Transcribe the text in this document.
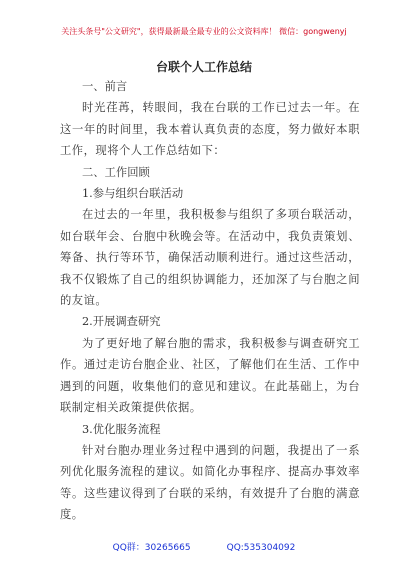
关注头条号"公文研究"，获得最新最全最专业的公文资料库！ 微信：gongwenyj
台联个人工作总结
一、前言
时光荏苒，转眼间，我在台联的工作已过去一年。在这一年的时间里，我本着认真负责的态度，努力做好本职工作，现将个人工作总结如下：
二、工作回顾
1.参与组织台联活动
在过去的一年里，我积极参与组织了多项台联活动，如台联年会、台胞中秋晚会等。在活动中，我负责策划、筹备、执行等环节，确保活动顺利进行。通过这些活动，我不仅锻炼了自己的组织协调能力，还加深了与台胞之间的友谊。
2.开展调查研究
为了更好地了解台胞的需求，我积极参与调查研究工作。通过走访台胞企业、社区，了解他们在生活、工作中遇到的问题，收集他们的意见和建议。在此基础上，为台联制定相关政策提供依据。
3.优化服务流程
针对台胞办理业务过程中遇到的问题，我提出了一系列优化服务流程的建议。如简化办事程序、提高办事效率等。这些建议得到了台联的采纳，有效提升了台胞的满意度。
QQ群：30265665	QQ:535304092
